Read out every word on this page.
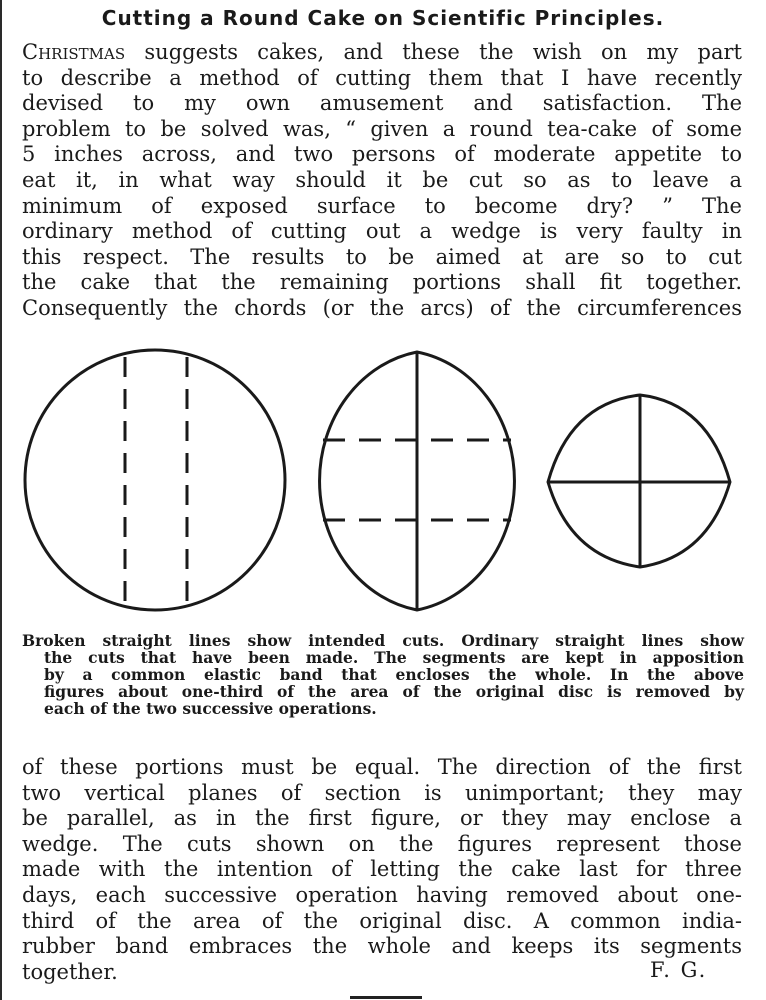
Cutting a Round Cake on Scientific Principles.
Christmas suggests cakes, and these the wish on my part
to describe a method of cutting them that I have recently
devised to my own amusement and satisfaction. The
problem to be solved was, “ given a round tea-cake of some
5 inches across, and two persons of moderate appetite to
eat it, in what way should it be cut so as to leave a
minimum of exposed surface to become dry? ” The
ordinary method of cutting out a wedge is very faulty in
this respect. The results to be aimed at are so to cut
the cake that the remaining portions shall fit together.
Consequently the chords (or the arcs) of the circumferences
Broken straight lines show intended cuts. Ordinary straight lines show
the cuts that have been made. The segments are kept in apposition
by a common elastic band that encloses the whole. In the above
figures about one-third of the area of the original disc is removed by
each of the two successive operations.
of these portions must be equal. The direction of the first
two vertical planes of section is unimportant; they may
be parallel, as in the first figure, or they may enclose a
wedge. The cuts shown on the figures represent those
made with the intention of letting the cake last for three
days, each successive operation having removed about one-
third of the area of the original disc. A common india-
rubber band embraces the whole and keeps its segments
together.	F. G.
